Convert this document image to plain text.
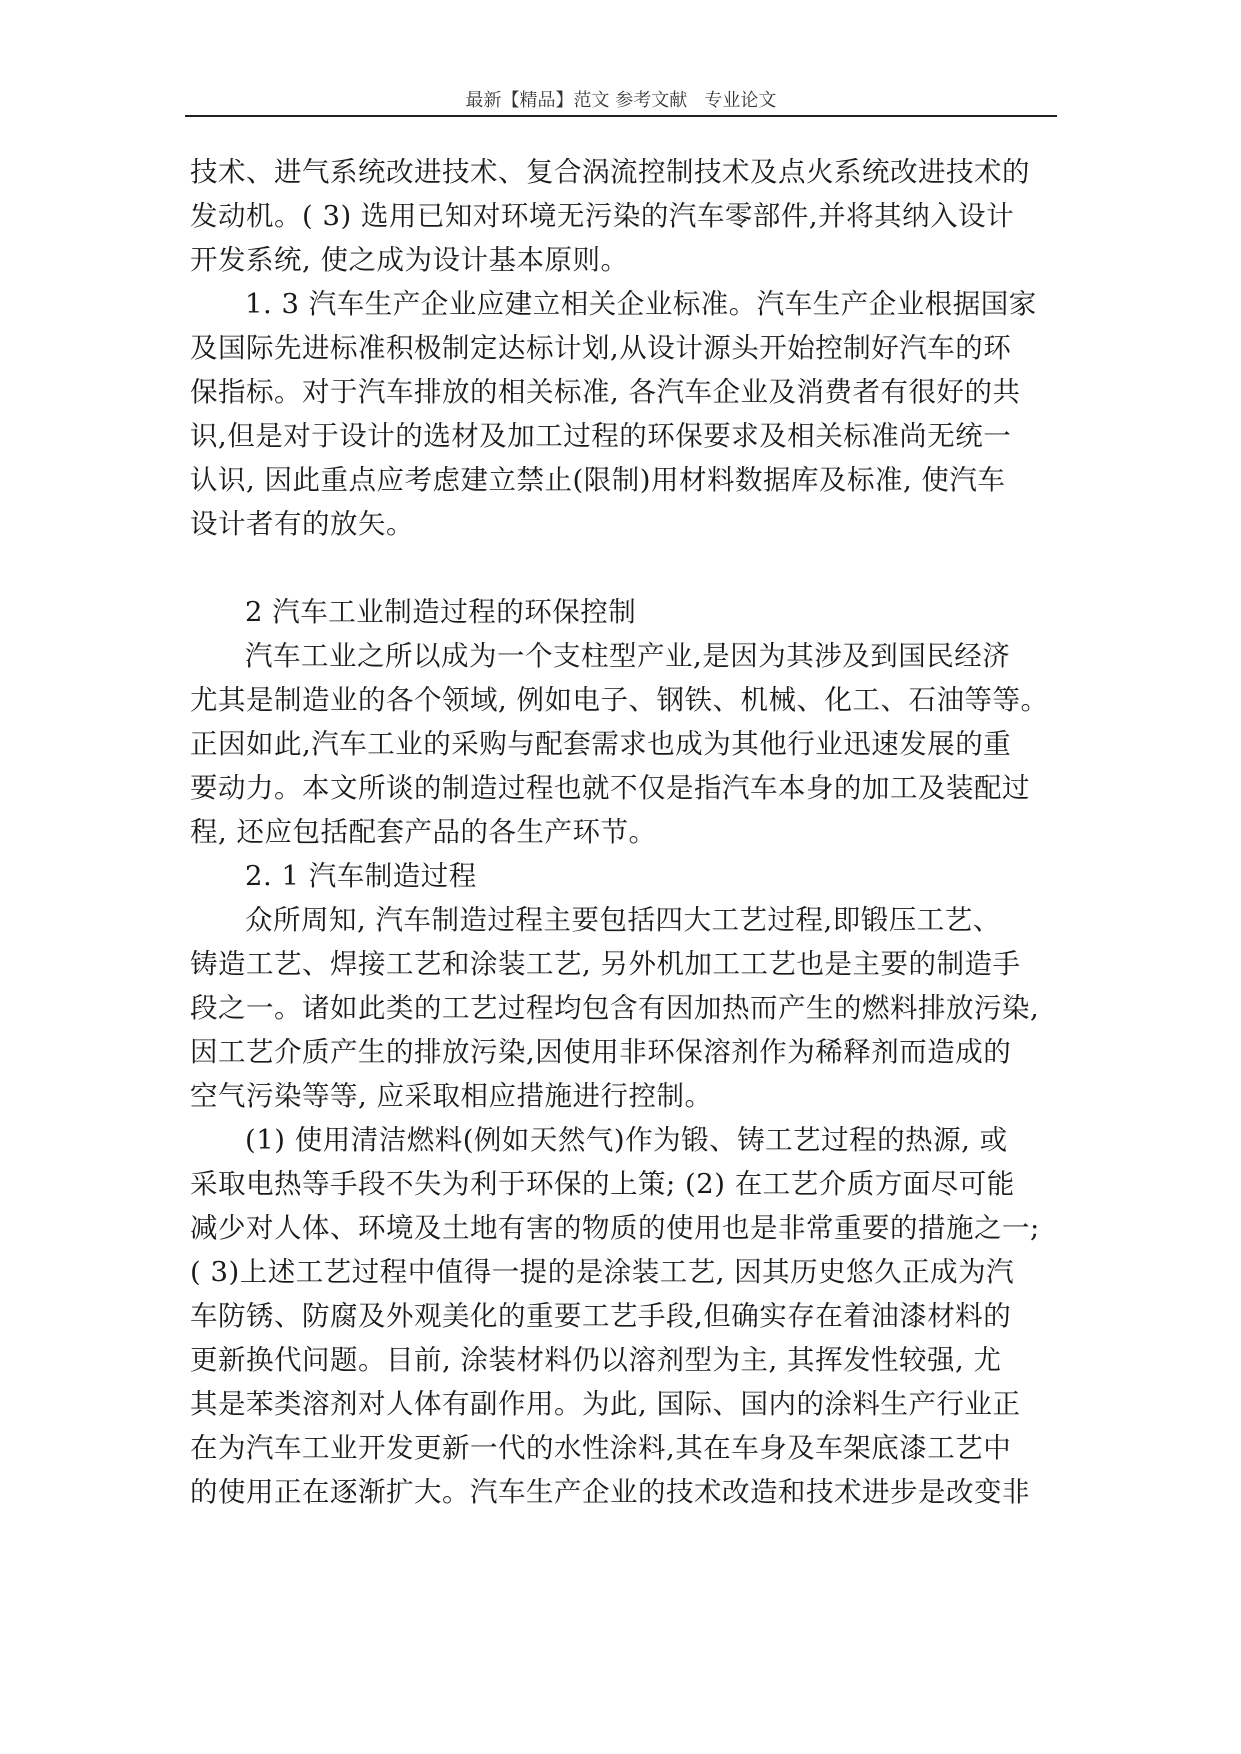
最新【精品】范文 参考文献   专业论文
技术、进气系统改进技术、复合涡流控制技术及点火系统改进技术的
发动机。( 3) 选用已知对环境无污染的汽车零部件,并将其纳入设计
开发系统, 使之成为设计基本原则。
1. 3 汽车生产企业应建立相关企业标准。汽车生产企业根据国家
及国际先进标准积极制定达标计划,从设计源头开始控制好汽车的环
保指标。对于汽车排放的相关标准, 各汽车企业及消费者有很好的共
识,但是对于设计的选材及加工过程的环保要求及相关标准尚无统一
认识, 因此重点应考虑建立禁止(限制)用材料数据库及标准, 使汽车
设计者有的放矢。
2 汽车工业制造过程的环保控制
汽车工业之所以成为一个支柱型产业,是因为其涉及到国民经济
尤其是制造业的各个领域, 例如电子、钢铁、机械、化工、石油等等。
正因如此,汽车工业的采购与配套需求也成为其他行业迅速发展的重
要动力。本文所谈的制造过程也就不仅是指汽车本身的加工及装配过
程, 还应包括配套产品的各生产环节。
2. 1 汽车制造过程
众所周知, 汽车制造过程主要包括四大工艺过程,即锻压工艺、
铸造工艺、焊接工艺和涂装工艺, 另外机加工工艺也是主要的制造手
段之一。诸如此类的工艺过程均包含有因加热而产生的燃料排放污染,
因工艺介质产生的排放污染,因使用非环保溶剂作为稀释剂而造成的
空气污染等等, 应采取相应措施进行控制。
(1) 使用清洁燃料(例如天然气)作为锻、铸工艺过程的热源, 或
采取电热等手段不失为利于环保的上策; (2) 在工艺介质方面尽可能
减少对人体、环境及土地有害的物质的使用也是非常重要的措施之一;
( 3)上述工艺过程中值得一提的是涂装工艺, 因其历史悠久正成为汽
车防锈、防腐及外观美化的重要工艺手段,但确实存在着油漆材料的
更新换代问题。目前, 涂装材料仍以溶剂型为主, 其挥发性较强, 尤
其是苯类溶剂对人体有副作用。为此, 国际、国内的涂料生产行业正
在为汽车工业开发更新一代的水性涂料,其在车身及车架底漆工艺中
的使用正在逐渐扩大。汽车生产企业的技术改造和技术进步是改变非
